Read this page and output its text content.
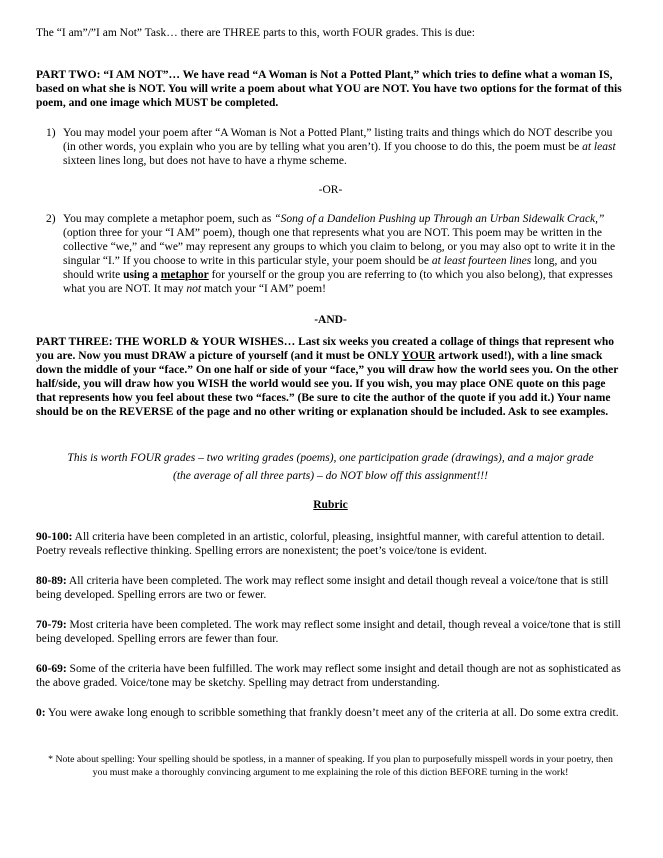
The “I am”/”I am Not” Task… there are THREE parts to this, worth FOUR grades. This is due:

PART TWO: “I AM NOT”… We have read “A Woman is Not a Potted Plant,” which tries to define what a woman IS, based on what she is NOT. You will write a poem about what YOU are NOT. You have two options for the format of this poem, and one image which MUST be completed.

1) You may model your poem after “A Woman is Not a Potted Plant,” listing traits and things which do NOT describe you (in other words, you explain who you are by telling what you aren’t). If you choose to do this, the poem must be at least sixteen lines long, but does not have to have a rhyme scheme.

-OR-

2) You may complete a metaphor poem, such as “Song of a Dandelion Pushing up Through an Urban Sidewalk Crack,” (option three for your “I AM” poem), though one that represents what you are NOT. This poem may be written in the collective “we,” and “we” may represent any groups to which you claim to belong, or you may also opt to write it in the singular “I.” If you choose to write in this particular style, your poem should be at least fourteen lines long, and you should write using a metaphor for yourself or the group you are referring to (to which you also belong), that expresses what you are NOT. It may not match your “I AM” poem!

-AND-

PART THREE: THE WORLD & YOUR WISHES… Last six weeks you created a collage of things that represent who you are. Now you must DRAW a picture of yourself (and it must be ONLY YOUR artwork used!), with a line smack down the middle of your “face.” On one half or side of your “face,” you will draw how the world sees you. On the other half/side, you will draw how you WISH the world would see you. If you wish, you may place ONE quote on this page that represents how you feel about these two “faces.” (Be sure to cite the author of the quote if you add it.) Your name should be on the REVERSE of the page and no other writing or explanation should be included. Ask to see examples.

This is worth FOUR grades – two writing grades (poems), one participation grade (drawings), and a major grade (the average of all three parts) – do NOT blow off this assignment!!!

Rubric

90-100: All criteria have been completed in an artistic, colorful, pleasing, insightful manner, with careful attention to detail. Poetry reveals reflective thinking. Spelling errors are nonexistent; the poet’s voice/tone is evident.

80-89: All criteria have been completed. The work may reflect some insight and detail though reveal a voice/tone that is still being developed. Spelling errors are two or fewer.

70-79: Most criteria have been completed. The work may reflect some insight and detail, though reveal a voice/tone that is still being developed. Spelling errors are fewer than four.

60-69: Some of the criteria have been fulfilled. The work may reflect some insight and detail though are not as sophisticated as the above graded. Voice/tone may be sketchy. Spelling may detract from understanding.

0: You were awake long enough to scribble something that frankly doesn’t meet any of the criteria at all. Do some extra credit.

* Note about spelling: Your spelling should be spotless, in a manner of speaking. If you plan to purposefully misspell words in your poetry, then you must make a thoroughly convincing argument to me explaining the role of this diction BEFORE turning in the work!
